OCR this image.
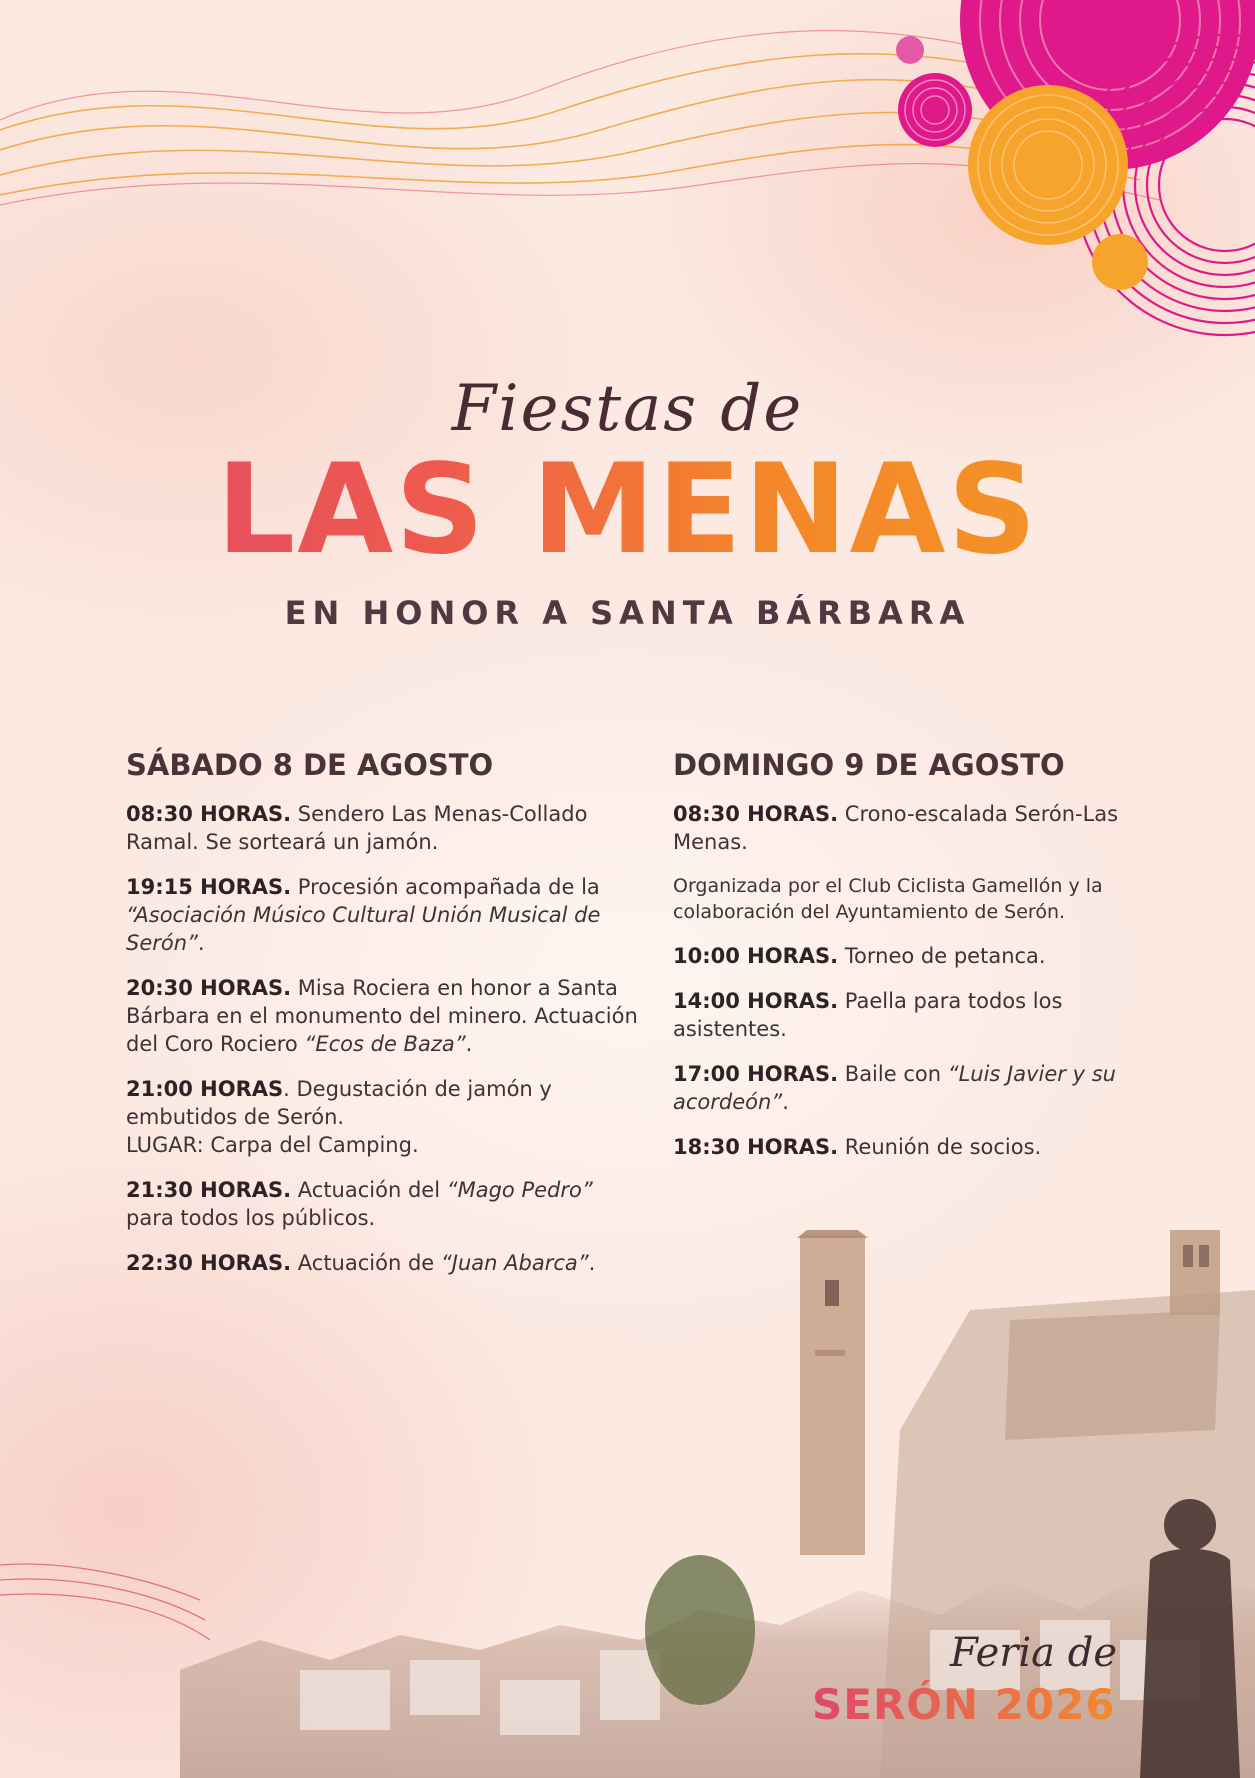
Fiestas de
LAS MENAS
EN HONOR A SANTA BÁRBARA
SÁBADO 8 DE AGOSTO
08:30 HORAS. Sendero Las Menas-Collado Ramal. Se sorteará un jamón.
19:15 HORAS. Procesión acompañada de la “Asociación Músico Cultural Unión Musical de Serón”.
20:30 HORAS. Misa Rociera en honor a Santa Bárbara en el monumento del minero. Actuación del Coro Rociero “Ecos de Baza”.
21:00 HORAS. Degustación de jamón y embutidos de Serón.
LUGAR: Carpa del Camping.
21:30 HORAS. Actuación del “Mago Pedro” para todos los públicos.
22:30 HORAS. Actuación de “Juan Abarca”.
DOMINGO 9 DE AGOSTO
08:30 HORAS. Crono-escalada Serón-Las Menas.
Organizada por el Club Ciclista Gamellón y la colaboración del Ayuntamiento de Serón.
10:00 HORAS. Torneo de petanca.
14:00 HORAS. Paella para todos los asistentes.
17:00 HORAS. Baile con “Luis Javier y su acordeón”.
18:30 HORAS. Reunión de socios.
Feria de
SERÓN 2026
